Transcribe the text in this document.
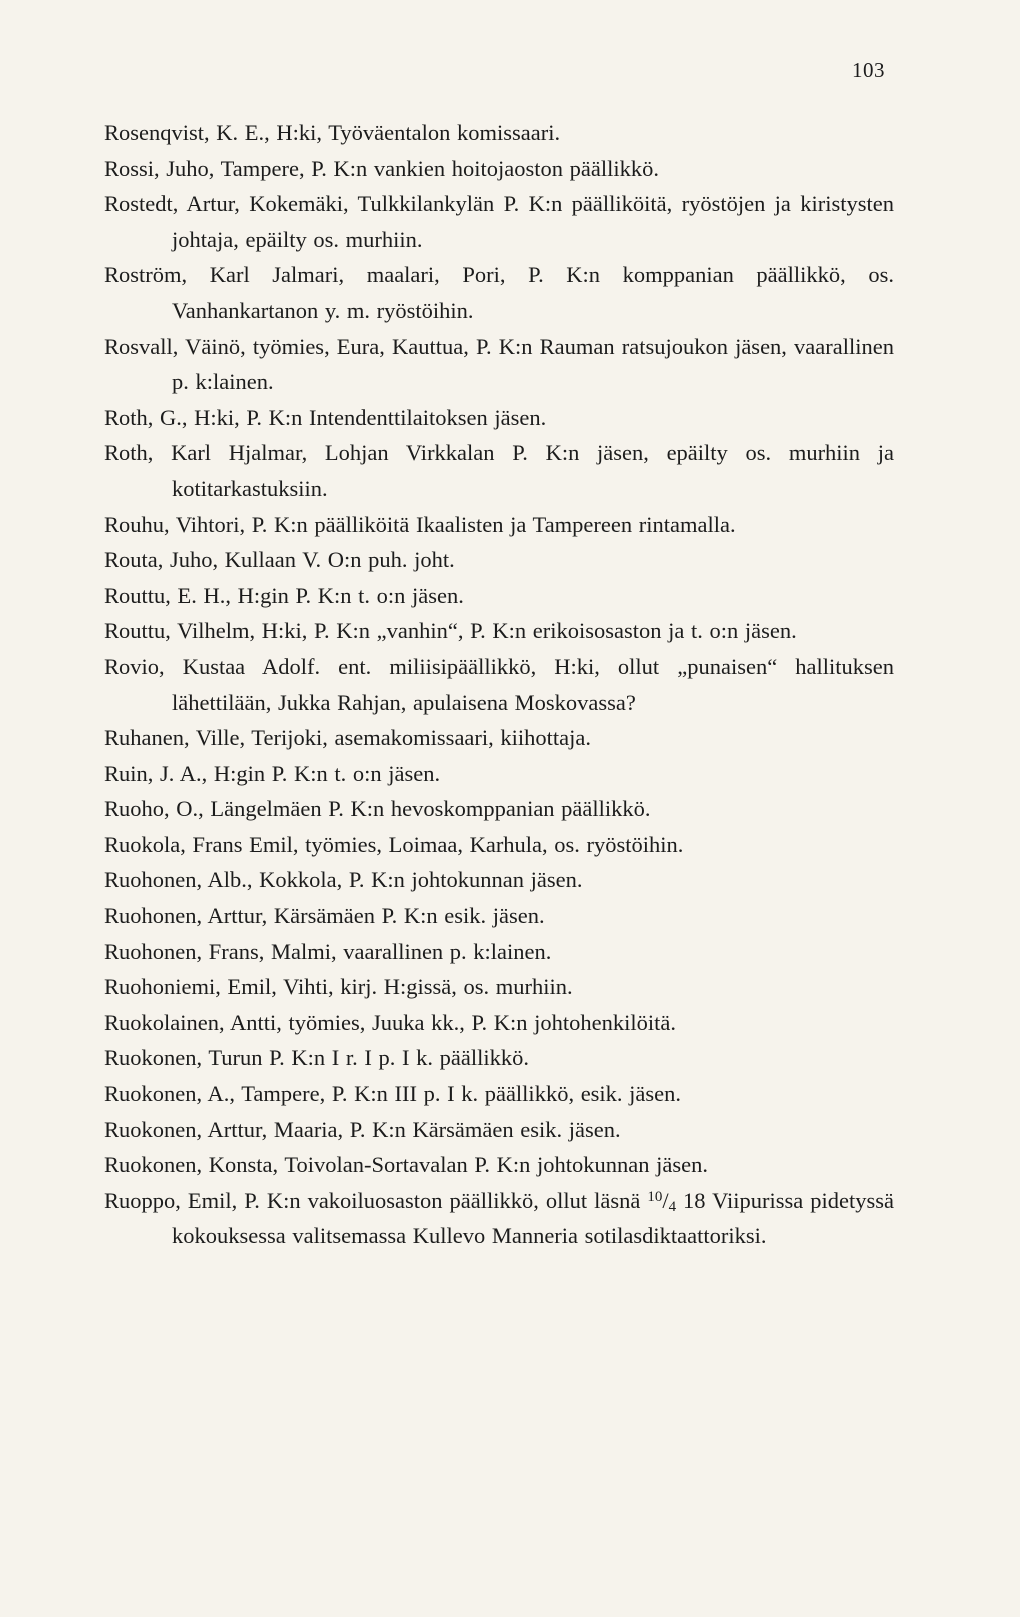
103

Rosenqvist, K. E., H:ki, Työväentalon komissaari.

Rossi, Juho, Tampere, P. K:n vankien hoitojaoston päällikkö.

Rostedt, Artur, Kokemäki, Tulkkilankylän P. K:n päälliköitä, ryöstöjen ja kiristysten johtaja, epäilty os. murhiin.

Roström, Karl Jalmari, maalari, Pori, P. K:n komppanian päällikkö, os. Vanhankartanon y. m. ryöstöihin.

Rosvall, Väinö, työmies, Eura, Kauttua, P. K:n Rauman ratsujoukon jäsen, vaarallinen p. k:lainen.

Roth, G., H:ki, P. K:n Intendenttilaitoksen jäsen.

Roth, Karl Hjalmar, Lohjan Virkkalan P. K:n jäsen, epäilty os. murhiin ja kotitarkastuksiin.

Rouhu, Vihtori, P. K:n päälliköitä Ikaalisten ja Tampereen rintamalla.

Routa, Juho, Kullaan V. O:n puh. joht.

Routtu, E. H., H:gin P. K:n t. o:n jäsen.

Routtu, Vilhelm, H:ki, P. K:n „vanhin“, P. K:n erikoisosaston ja t. o:n jäsen.

Rovio, Kustaa Adolf. ent. miliisipäällikkö, H:ki, ollut „punaisen“ hallituksen lähettilään, Jukka Rahjan, apulaisena Moskovassa?

Ruhanen, Ville, Terijoki, asemakomissaari, kiihottaja.

Ruin, J. A., H:gin P. K:n t. o:n jäsen.

Ruoho, O., Längelmäen P. K:n hevoskomppanian päällikkö.

Ruokola, Frans Emil, työmies, Loimaa, Karhula, os. ryöstöihin.

Ruohonen, Alb., Kokkola, P. K:n johtokunnan jäsen.

Ruohonen, Arttur, Kärsämäen P. K:n esik. jäsen.

Ruohonen, Frans, Malmi, vaarallinen p. k:lainen.

Ruohoniemi, Emil, Vihti, kirj. H:gissä, os. murhiin.

Ruokolainen, Antti, työmies, Juuka kk., P. K:n johtohenkilöitä.

Ruokonen, Turun P. K:n I r. I p. I k. päällikkö.

Ruokonen, A., Tampere, P. K:n III p. I k. päällikkö, esik. jäsen.

Ruokonen, Arttur, Maaria, P. K:n Kärsämäen esik. jäsen.

Ruokonen, Konsta, Toivolan-Sortavalan P. K:n johtokunnan jäsen.

Ruoppo, Emil, P. K:n vakoiluosaston päällikkö, ollut läsnä $^{10}$/4 18 Viipurissa pidetyssä kokouksessa valitsemassa Kullevo Manneria sotilasdiktaattoriksi.
